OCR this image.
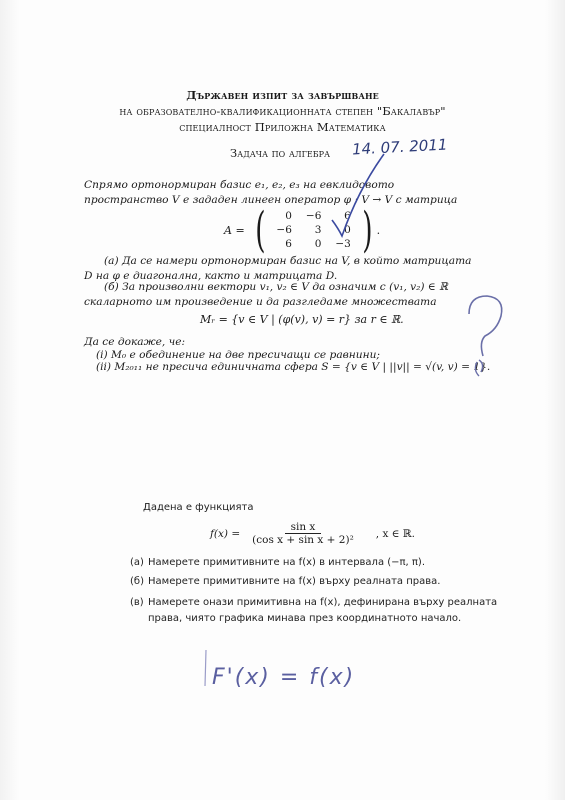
Държавен изпит за завършване
на образователно-квалификационната степен "Бакалавър"
специалност Приложна Математика
Задача по алгебра 14. 07. 2011
Спрямо ортонормиран базис e₁, e₂, e₃ на евклидовото пространство V е зададен линеен оператор φ : V → V с матрица
A = ( 0	−6	6
−6	3	0
6	0	−3 ) .
(а) Да се намери ортонормиран базис на V, в който матрицата D на φ е диагонална, както и матрицата D.
(б) За произволни вектори v₁, v₂ ∈ V да означим с (v₁, v₂) ∈ ℝ скаларното им произведение и да разгледаме множествата
Mᵣ = {v ∈ V | (φ(v), v) = r} за r ∈ ℝ.
Да се докаже, че:
(i) M₀ е обединение на две пресичащи се равнини;
(ii) M₂₀₁₁ не пресича единичната сфера S = {v ∈ V | ||v|| = √(v, v) = 1}.
Дадена е функцията
$f(x) = \frac{\text{sin x}}{\text{(cos x + sin x + 2)²}}$ , x ∈ ℝ.
(а) Намерете примитивните на f(x) в интервала (−π, π).
(б) Намерете примитивните на f(x) върху реалната права.
(в) Намерете онази примитивна на f(x), дефинирана върху реалната права, чиято графика минава през координатното начало.
F'(x) = f(x)
